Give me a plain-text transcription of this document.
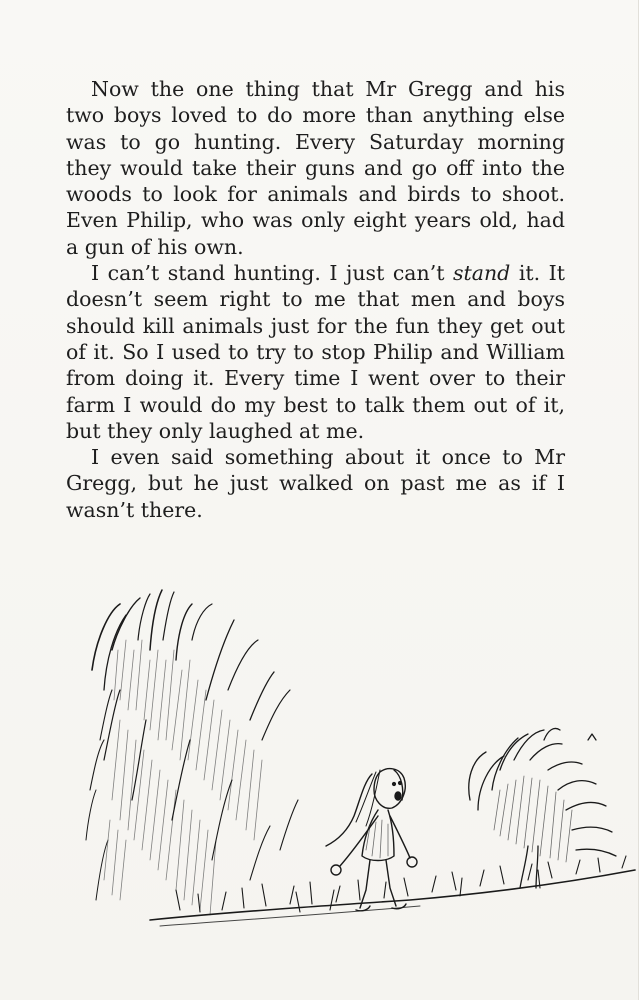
Now the one thing that Mr Gregg and his two boys loved to do more than anything else was to go hunting. Every Saturday morning they would take their guns and go off into the woods to look for animals and birds to shoot. Even Philip, who was only eight years old, had a gun of his own.

I can’t stand hunting. I just can’t stand it. It doesn’t seem right to me that men and boys should kill animals just for the fun they get out of it. So I used to try to stop Philip and William from doing it. Every time I went over to their farm I would do my best to talk them out of it, but they only laughed at me.

I even said something about it once to Mr Gregg, but he just walked on past me as if I wasn’t there.
